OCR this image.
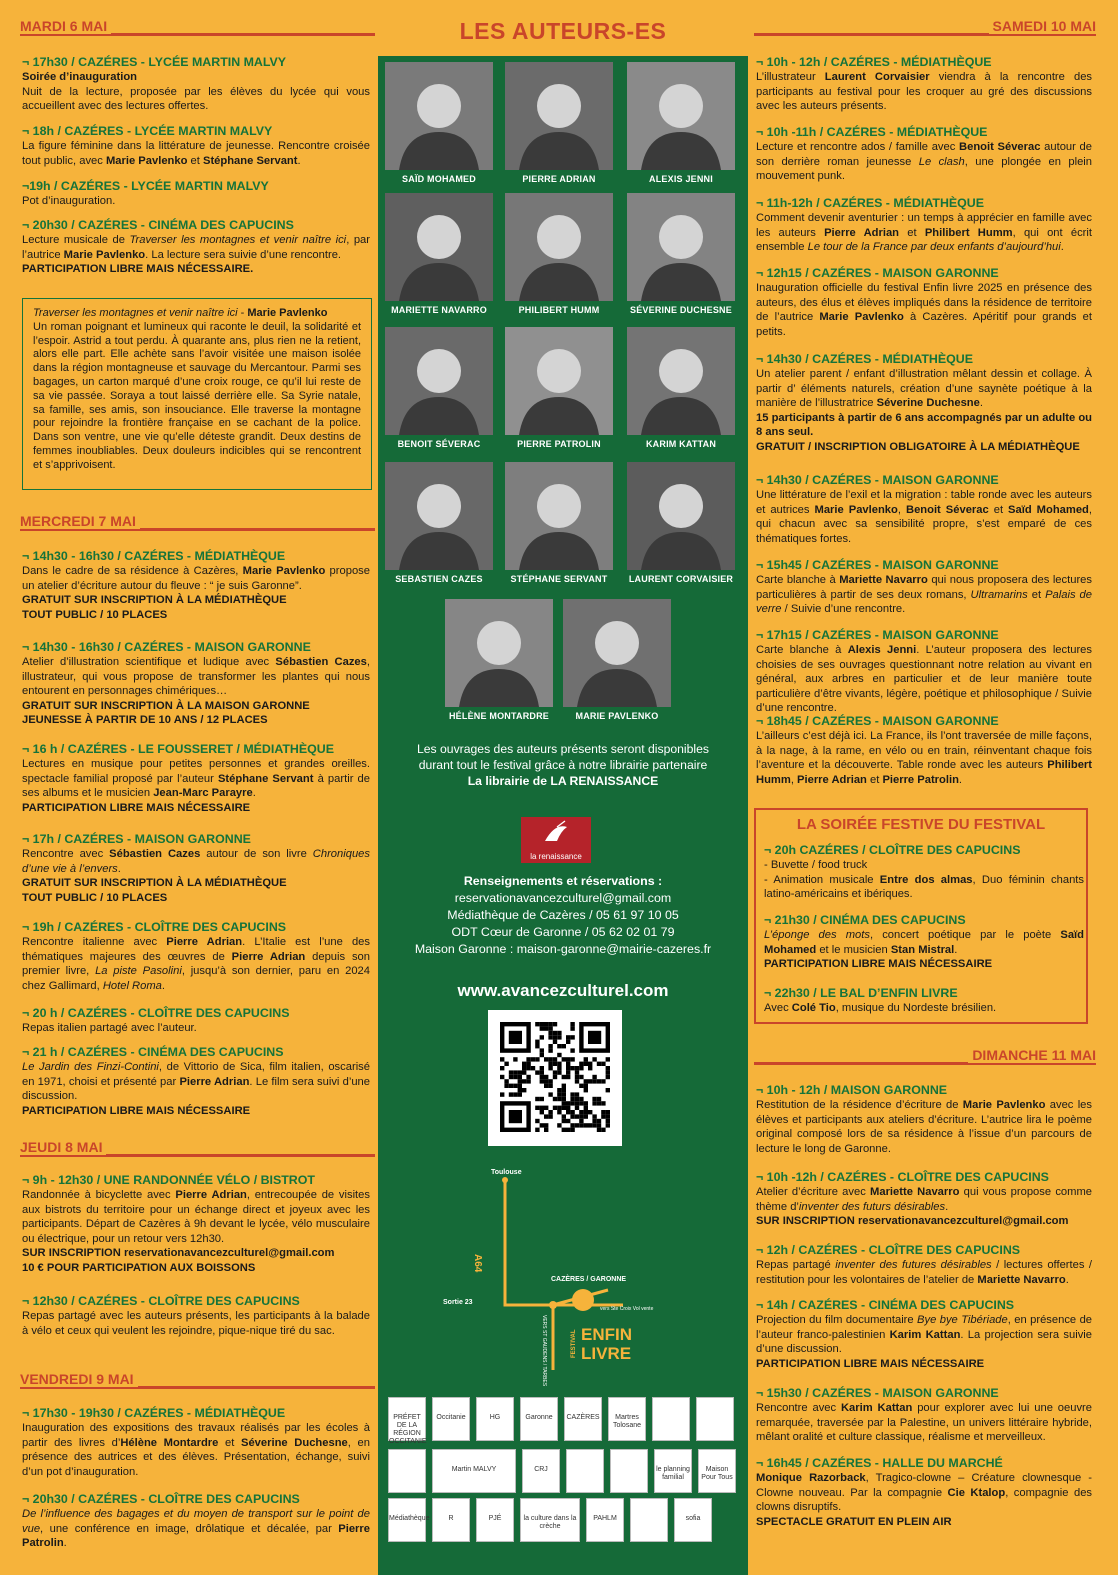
MARDI 6 MAI
¬ 17h30 / CAZÉRES - LYCÉE MARTIN MALVY
Soirée d’inauguration
Nuit de la lecture, proposée par les élèves du lycée qui vous accueillent avec des lectures offertes.
¬ 18h / CAZÉRES - LYCÉE MARTIN MALVY
La figure féminine dans la littérature de jeunesse. Rencontre croisée tout public, avec Marie Pavlenko et Stéphane Servant.
¬19h / CAZÉRES - LYCÉE MARTIN MALVY
Pot d’inauguration.
¬ 20h30 / CAZÉRES - CINÉMA DES CAPUCINS
Lecture musicale de Traverser les montagnes et venir naître ici, par l’autrice Marie Pavlenko. La lecture sera suivie d’une rencontre.
PARTICIPATION LIBRE MAIS NÉCESSAIRE.
Traverser les montagnes et venir naître ici - Marie Pavlenko
Un roman poignant et lumineux qui raconte le deuil, la solidarité et l’espoir. Astrid a tout perdu. À quarante ans, plus rien ne la retient, alors elle part. Elle achète sans l’avoir visitée une maison isolée dans la région montagneuse et sauvage du Mercantour. Parmi ses bagages, un carton marqué d’une croix rouge, ce qu’il lui reste de sa vie passée. Soraya a tout laissé derrière elle. Sa Syrie natale, sa famille, ses amis, son insouciance. Elle traverse la montagne pour rejoindre la frontière française en se cachant de la police. Dans son ventre, une vie qu’elle déteste grandit. Deux destins de femmes inoubliables. Deux douleurs indicibles qui se rencontrent et s’apprivoisent.
MERCREDI 7 MAI
¬ 14h30 - 16h30 / CAZÉRES - MÉDIATHÈQUE
Dans le cadre de sa résidence à Cazères, Marie Pavlenko propose un atelier d’écriture autour du fleuve : “ je suis Garonne”.
GRATUIT SUR INSCRIPTION À LA MÉDIATHÈQUE
TOUT PUBLIC / 10 PLACES
¬ 14h30 - 16h30 / CAZÉRES - MAISON GARONNE
Atelier d’illustration scientifique et ludique avec Sébastien Cazes, illustrateur, qui vous propose de transformer les plantes qui nous entourent en personnages chimériques…
GRATUIT SUR INSCRIPTION À LA MAISON GARONNE
JEUNESSE À PARTIR DE 10 ANS / 12 PLACES
¬ 16 h / CAZÉRES - LE FOUSSERET / MÉDIATHÈQUE
Lectures en musique pour petites personnes et grandes oreilles. spectacle familial proposé par l’auteur Stéphane Servant à partir de ses albums et le musicien Jean-Marc Parayre.
PARTICIPATION LIBRE MAIS NÉCESSAIRE
¬ 17h / CAZÉRES - MAISON GARONNE
Rencontre avec Sébastien Cazes autour de son livre Chroniques d’une vie à l’envers.
GRATUIT SUR INSCRIPTION À LA MÉDIATHÈQUE
TOUT PUBLIC / 10 PLACES
¬ 19h / CAZÉRES - CLOÎTRE DES CAPUCINS
Rencontre italienne avec Pierre Adrian. L’Italie est l’une des thématiques majeures des œuvres de Pierre Adrian depuis son premier livre, La piste Pasolini, jusqu’à son dernier, paru en 2024 chez Gallimard, Hotel Roma.
¬ 20 h / CAZÉRES - CLOÎTRE DES CAPUCINS
Repas italien partagé avec l’auteur.
¬ 21 h / CAZÉRES - CINÉMA DES CAPUCINS
Le Jardin des Finzi-Contini, de Vittorio de Sica, film italien, oscarisé en 1971, choisi et présenté par Pierre Adrian. Le film sera suivi d’une discussion.
PARTICIPATION LIBRE MAIS NÉCESSAIRE
JEUDI 8 MAI
¬ 9h - 12h30 / UNE RANDONNÉE VÉLO / BISTROT
Randonnée à bicyclette avec Pierre Adrian, entrecoupée de visites aux bistrots du territoire pour un échange direct et joyeux avec les participants. Départ de Cazères à 9h devant le lycée, vélo musculaire ou électrique, pour un retour vers 12h30.
SUR INSCRIPTION reservationavancezculturel@gmail.com
10 € POUR PARTICIPATION AUX BOISSONS
¬ 12h30 / CAZÉRES - CLOÎTRE DES CAPUCINS
Repas partagé avec les auteurs présents, les participants à la balade à vélo et ceux qui veulent les rejoindre, pique-nique tiré du sac.
VENDREDI 9 MAI
¬ 17h30 - 19h30 / CAZÉRES - MÉDIATHÈQUE
Inauguration des expositions des travaux réalisés par les écoles à partir des livres d’Hélène Montardre et Séverine Duchesne, en présence des autrices et des élèves. Présentation, échange, suivi d’un pot d’inauguration.
¬ 20h30 / CAZÉRES - CLOÎTRE DES CAPUCINS
De l’influence des bagages et du moyen de transport sur le point de vue, une conférence en image, drôlatique et décalée, par Pierre Patrolin.
LES AUTEURS-ES
SAÏD MOHAMED	PIERRE ADRIAN	ALEXIS JENNI
MARIETTE NAVARRO	PHILIBERT HUMM	SÉVERINE DUCHESNE
BENOIT SÉVERAC	PIERRE PATROLIN	KARIM KATTAN
SEBASTIEN CAZES	STÉPHANE SERVANT	LAURENT CORVAISIER
HÉLÈNE MONTARDRE	MARIE PAVLENKO
Les ouvrages des auteurs présents seront disponibles
durant tout le festival grâce à notre librairie partenaire
La librairie de LA RENAISSANCE
la renaissance
Renseignements et réservations :
reservationavancezculturel@gmail.com
Médiathèque de Cazères / 05 61 97 10 05
ODT Cœur de Garonne / 05 62 02 01 79
Maison Garonne : maison-garonne@mairie-cazeres.fr
www.avancezculturel.com
Toulouse
A64
CAZÈRES / GARONNE
Sortie 23
vers Ste Croix Vol vente
VERS ST GAUDENS / TARBES	FESTIVAL ENFIN
LIVRE
PRÉFET DE LA RÉGION OCCITANIE
Occitanie	HG	Garonne	CAZÈRES	Martres Tolosane
Martin MALVY	CRJ	le planning familial
Maison Pour Tous
Médiathèque	R	PJÉ	la culture dans la crèche
PAHLM	sofia
SAMEDI 10 MAI
¬ 10h - 12h / CAZÉRES - MÉDIATHÈQUE
L’illustrateur Laurent Corvaisier viendra à la rencontre des participants au festival pour les croquer au gré des discussions avec les auteurs présents.
¬ 10h -11h / CAZÉRES - MÉDIATHÈQUE
Lecture et rencontre ados / famille avec Benoit Séverac autour de son derrière roman jeunesse Le clash, une plongée en plein mouvement punk.
¬ 11h-12h / CAZÉRES - MÉDIATHÈQUE
Comment devenir aventurier : un temps à apprécier en famille avec les auteurs Pierre Adrian et Philibert Humm, qui ont écrit ensemble Le tour de la France par deux enfants d’aujourd’hui.
¬ 12h15 / CAZÉRES - MAISON GARONNE
Inauguration officielle du festival Enfin livre 2025 en présence des auteurs, des élus et élèves impliqués dans la résidence de territoire de l’autrice Marie Pavlenko à Cazères. Apéritif pour grands et petits.
¬ 14h30 / CAZÉRES - MÉDIATHÈQUE
Un atelier parent / enfant d’illustration mêlant dessin et collage. À partir d’ éléments naturels, création d’une saynète poétique à la manière de l’illustratrice Séverine Duchesne.
15 participants à partir de 6 ans accompagnés par un adulte ou 8 ans seul.
GRATUIT / INSCRIPTION OBLIGATOIRE À LA MÉDIATHÈQUE
¬ 14h30 / CAZÉRES - MAISON GARONNE
Une littérature de l’exil et la migration : table ronde avec les auteurs et autrices Marie Pavlenko, Benoit Séverac et Saïd Mohamed, qui chacun avec sa sensibilité propre, s’est emparé de ces thématiques fortes.
¬ 15h45 / CAZÉRES - MAISON GARONNE
Carte blanche à Mariette Navarro qui nous proposera des lectures particulières à partir de ses deux romans, Ultramarins et Palais de verre / Suivie d’une rencontre.
¬ 17h15 / CAZÉRES - MAISON GARONNE
Carte blanche à Alexis Jenni. L’auteur proposera des lectures choisies de ses ouvrages questionnant notre relation au vivant en général, aux arbres en particulier et de leur manière toute particulière d’être vivants, légère, poétique et philosophique / Suivie d’une rencontre.
¬ 18h45 / CAZÉRES - MAISON GARONNE
L’ailleurs c’est déjà ici. La France, ils l’ont traversée de mille façons, à la nage, à la rame, en vélo ou en train, réinventant chaque fois l’aventure et la découverte. Table ronde avec les auteurs Philibert Humm, Pierre Adrian et Pierre Patrolin.
LA SOIRÉE FESTIVE DU FESTIVAL
¬ 20h CAZÉRES / CLOÎTRE DES CAPUCINS
- Buvette / food truck
- Animation musicale Entre dos almas, Duo féminin chants latino-américains et ibériques.
¬ 21h30 / CINÉMA DES CAPUCINS
L’éponge des mots, concert poétique par le poète Saïd Mohamed et le musicien Stan Mistral.
PARTICIPATION LIBRE MAIS NÉCESSAIRE
¬ 22h30 / LE BAL D’ENFIN LIVRE
Avec Colé Tio, musique du Nordeste brésilien.
DIMANCHE 11 MAI
¬ 10h - 12h / MAISON GARONNE
Restitution de la résidence d’écriture de Marie Pavlenko avec les élèves et participants aux ateliers d’écriture. L’autrice lira le poème original composé lors de sa résidence à l’issue d’un parcours de lecture le long de Garonne.
¬ 10h -12h / CAZÉRES - CLOÎTRE DES CAPUCINS
Atelier d’écriture avec Mariette Navarro qui vous propose comme thème d’inventer des futurs désirables.
SUR INSCRIPTION reservationavancezculturel@gmail.com
¬ 12h / CAZÉRES - CLOÎTRE DES CAPUCINS
Repas partagé inventer des futures désirables / lectures offertes / restitution pour les volontaires de l’atelier de Mariette Navarro.
¬ 14h / CAZÉRES - CINÉMA DES CAPUCINS
Projection du film documentaire Bye bye Tibériade, en présence de l’auteur franco-palestinien Karim Kattan. La projection sera suivie d’une discussion.
PARTICIPATION LIBRE MAIS NÉCESSAIRE
¬ 15h30 / CAZÉRES - MAISON GARONNE
Rencontre avec Karim Kattan pour explorer avec lui une oeuvre remarquée, traversée par la Palestine, un univers littéraire hybride, mêlant oralité et culture classique, réalisme et merveilleux.
¬ 16h45 / CAZÉRES - HALLE DU MARCHÉ
Monique Razorback, Tragico-clowne – Créature clownesque - Clowne nouveau. Par la compagnie Cie Ktalop, compagnie des clowns disruptifs.
SPECTACLE GRATUIT EN PLEIN AIR
